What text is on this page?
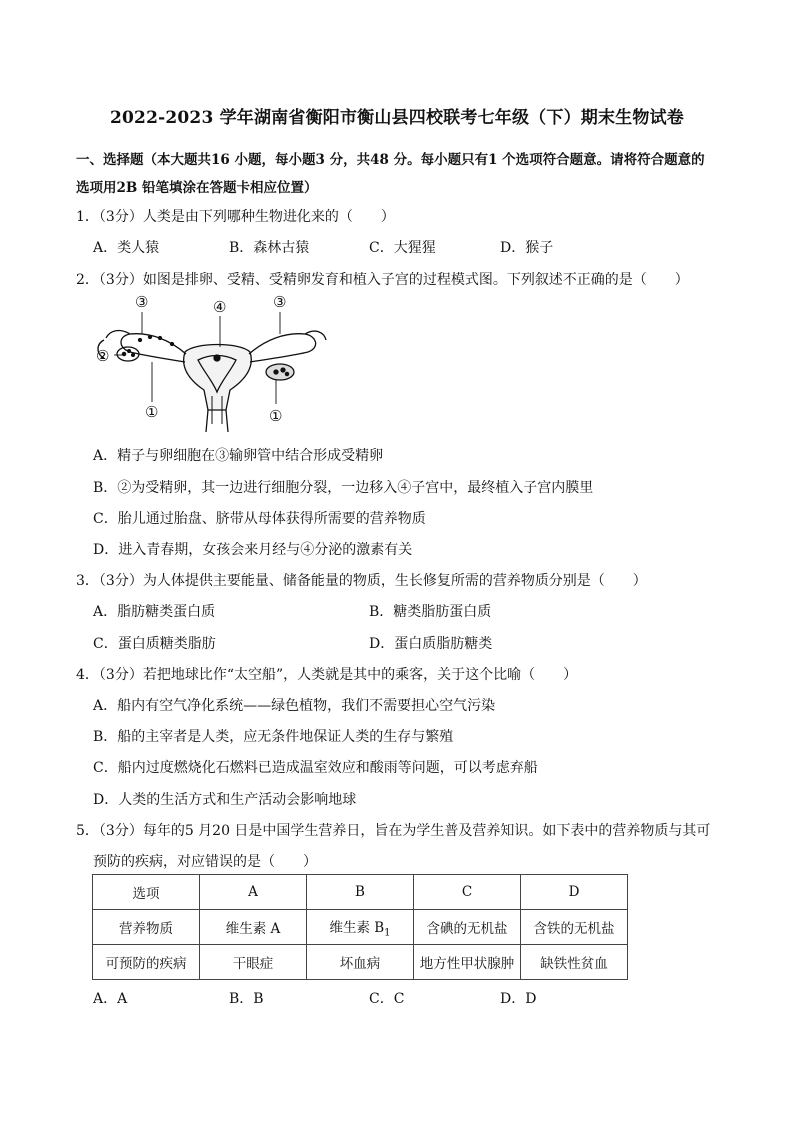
2022-2023 学年湖南省衡阳市衡山县四校联考七年级（下）期末生物试卷
一、选择题（本大题共16 小题，每小题3 分，共48 分。每小题只有1 个选项符合题意。请将符合题意的
选项用2B 铅笔填涂在答题卡相应位置）
1．（3分）人类是由下列哪种生物进化来的（　　）
A．类人猿	B．森林古猿	C．大猩猩	D．猴子
2．（3分）如图是排卵、受精、受精卵发育和植入子宫的过程模式图。下列叙述不正确的是（　　）
③	④	③
②
①	①
A．精子与卵细胞在③输卵管中结合形成受精卵
B．②为受精卵，其一边进行细胞分裂，一边移入④子宫中，最终植入子宫内膜里
C．胎儿通过胎盘、脐带从母体获得所需要的营养物质
D．进入青春期，女孩会来月经与④分泌的激素有关
3．（3分）为人体提供主要能量、储备能量的物质，生长修复所需的营养物质分别是（　　）
A．脂肪糖类蛋白质	B．糖类脂肪蛋白质
C．蛋白质糖类脂肪	D．蛋白质脂肪糖类
4．（3分）若把地球比作“太空船”，人类就是其中的乘客，关于这个比喻（　　）
A．船内有空气净化系统——绿色植物，我们不需要担心空气污染
B．船的主宰者是人类，应无条件地保证人类的生存与繁殖
C．船内过度燃烧化石燃料已造成温室效应和酸雨等问题，可以考虑弃船
D．人类的生活方式和生产活动会影响地球
5．（3分）每年的5 月20 日是中国学生营养日，旨在为学生普及营养知识。如下表中的营养物质与其可
预防的疾病，对应错误的是（　　）
选项	A	B	C	D
营养物质	维生素 A	维生素 $B_1$	含碘的无机盐	含铁的无机盐
可预防的疾病	干眼症	坏血病	地方性甲状腺肿	缺铁性贫血
A．A	B．B	C．C	D．D
